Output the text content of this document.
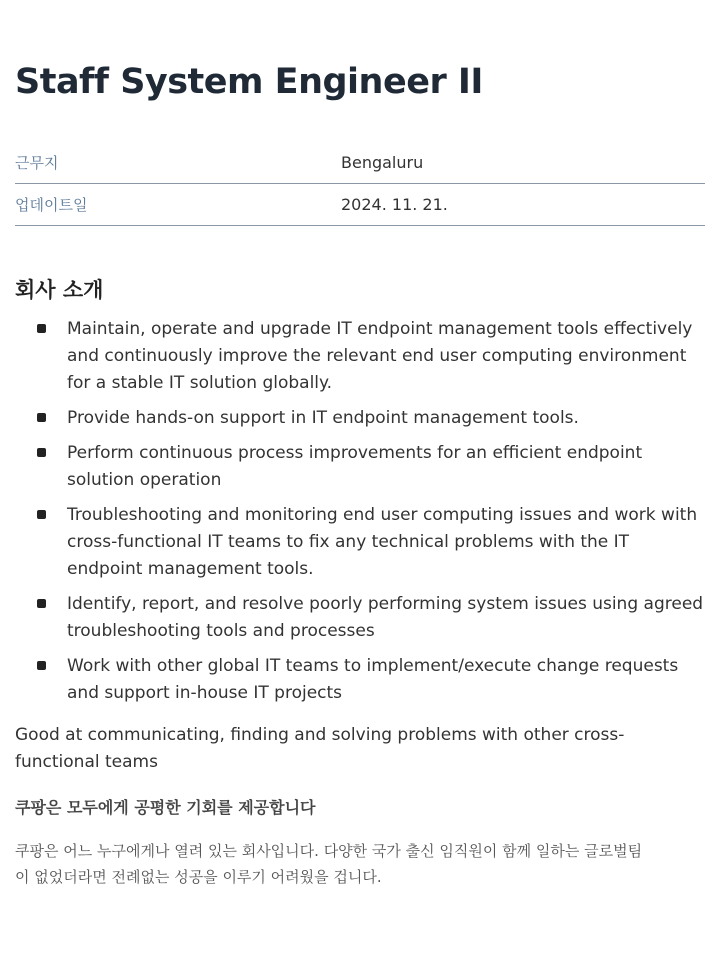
Staff System Engineer II
근무지	Bengaluru
업데이트일	2024. 11. 21.
회사 소개
Maintain, operate and upgrade IT endpoint management tools effectively and continuously improve the relevant end user computing environment for a stable IT solution globally.
Provide hands-on support in IT endpoint management tools.
Perform continuous process improvements for an efficient endpoint solution operation
Troubleshooting and monitoring end user computing issues and work with cross-functional IT teams to fix any technical problems with the IT endpoint management tools.
Identify, report, and resolve poorly performing system issues using agreed troubleshooting tools and processes
Work with other global IT teams to implement/execute change requests and support in-house IT projects

Good at communicating, finding and solving problems with other cross-functional teams

쿠팡은 모두에게 공평한 기회를 제공합니다

쿠팡은 어느 누구에게나 열려 있는 회사입니다. 다양한 국가 출신 임직원이 함께 일하는 글로벌팀이 없었더라면 전례없는 성공을 이루기 어려웠을 겁니다.
